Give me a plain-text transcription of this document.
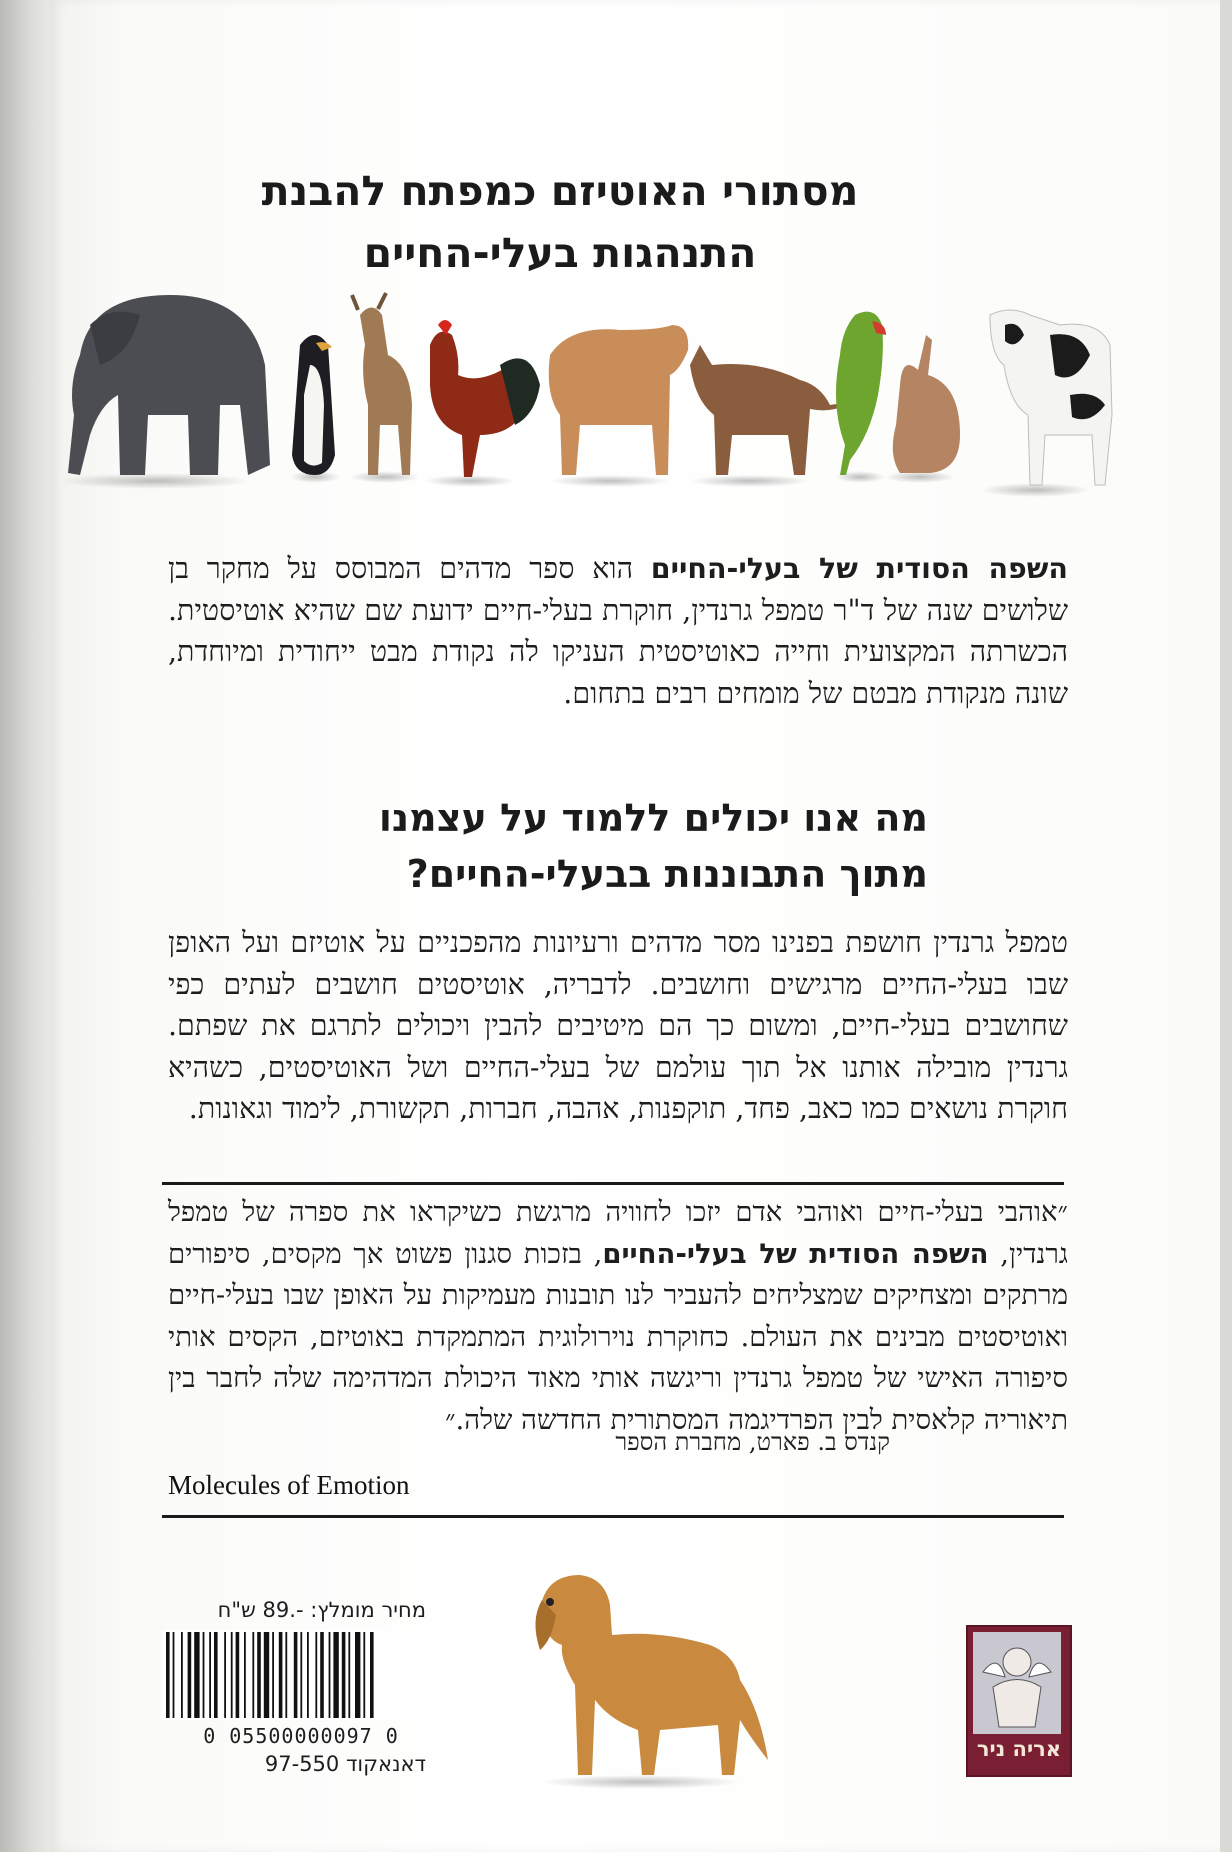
מסתורי האוטיזם כמפתח להבנת
התנהגות בעלי-החיים
השפה הסודית של בעלי-החיים הוא ספר מדהים המבוסס על מחקר בן שלושים שנה של ד"ר טמפל גרנדין, חוקרת בעלי-חיים ידועת שם שהיא אוטיסטית. הכשרתה המקצועית וחייה כאוטיסטית העניקו לה נקודת מבט ייחודית ומיוחדת, שונה מנקודת מבטם של מומחים רבים בתחום.
מה אנו יכולים ללמוד על עצמנו
מתוך התבוננות בבעלי-החיים?
טמפל גרנדין חושפת בפנינו מסר מדהים ורעיונות מהפכניים על אוטיזם ועל האופן שבו בעלי-החיים מרגישים וחושבים. לדבריה, אוטיסטים חושבים לעתים כפי שחושבים בעלי-חיים, ומשום כך הם מיטיבים להבין ויכולים לתרגם את שפתם. גרנדין מובילה אותנו אל תוך עולמם של בעלי-החיים ושל האוטיסטים, כשהיא חוקרת נושאים כמו כאב, פחד, תוקפנות, אהבה, חברות, תקשורת, לימוד וגאונות.
״אוהבי בעלי-חיים ואוהבי אדם יזכו לחוויה מרגשת כשיקראו את ספרה של טמפל גרנדין, השפה הסודית של בעלי-החיים, בזכות סגנון פשוט אך מקסים, סיפורים מרתקים ומצחיקים שמצליחים להעביר לנו תובנות מעמיקות על האופן שבו בעלי-חיים ואוטיסטים מבינים את העולם. כחוקרת נוירולוגית המתמקדת באוטיזם, הקסים אותי סיפורה האישי של טמפל גרנדין וריגשה אותי מאוד היכולת המדהימה שלה לחבר בין תיאוריה קלאסית לבין הפרדיגמה המסתורית החדשה שלה.״
קנדס ב. פארט, מחברת הספר
Molecules of Emotion
מחיר מומלץ: -.89 ש"ח
0 05500000097 0
דאנאקוד 97-550
אריה ניר
